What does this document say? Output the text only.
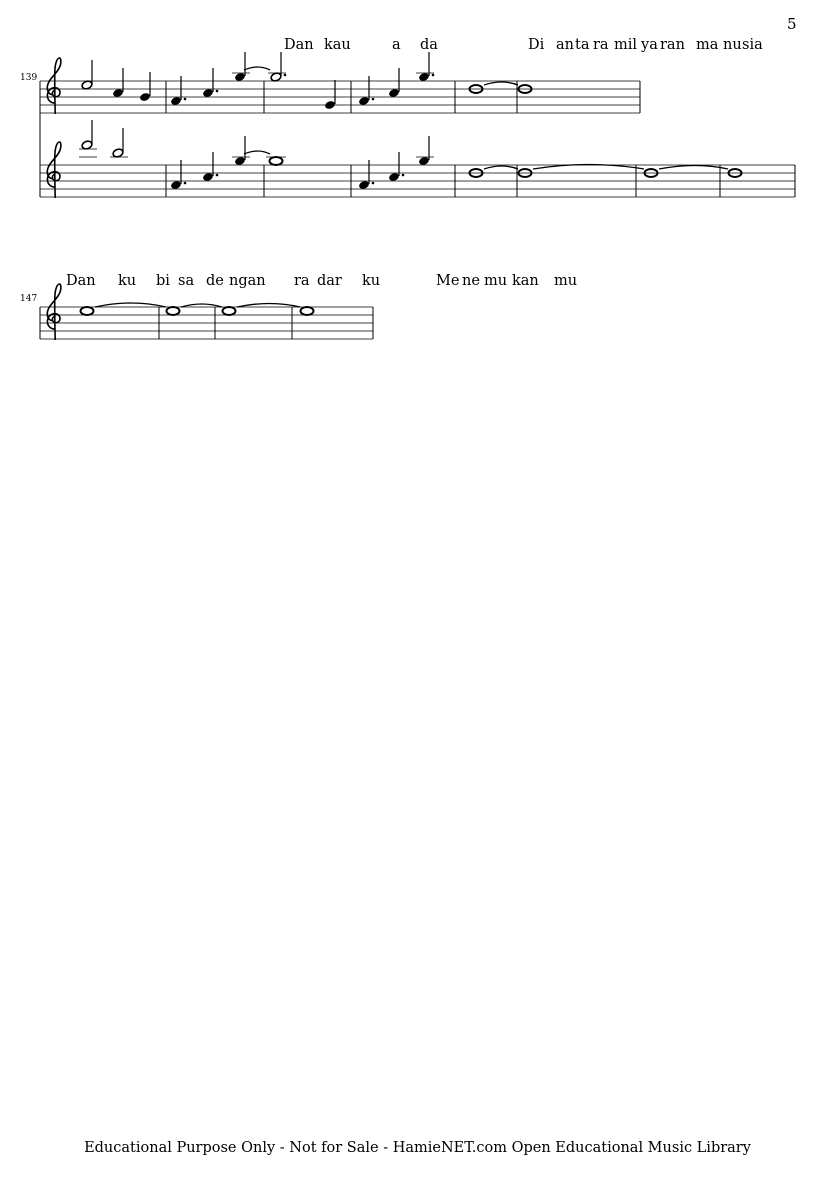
5
139
Dan kau	a da	Di an ta ra mil ya ran ma nu sia
147
Dan ku bi sa de ngan ra dar ku	Me ne mu kan mu
Educational Purpose Only - Not for Sale - HamieNET.com Open Educational Music Library
